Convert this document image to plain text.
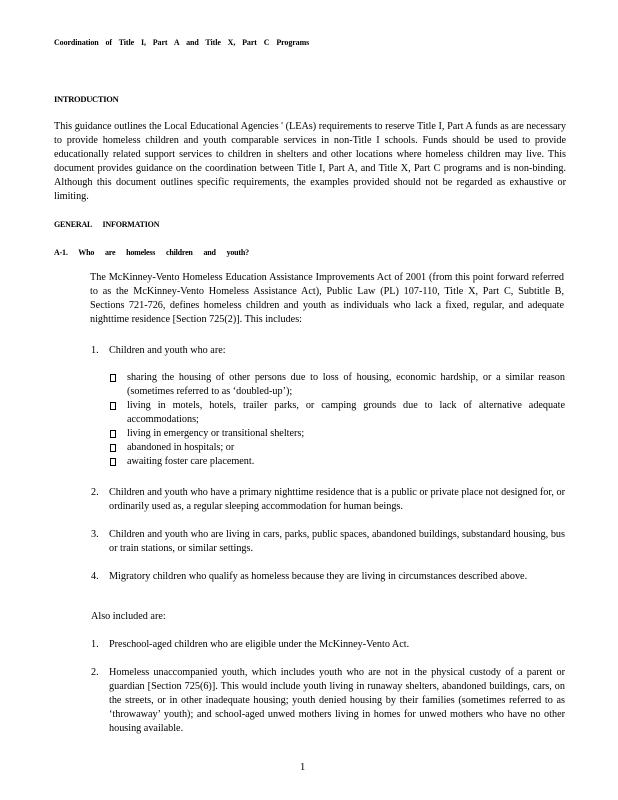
Coordination of Title I, Part A and Title X, Part C Programs
INTRODUCTION

This guidance outlines the Local Educational Agencies ' (LEAs) requirements to reserve Title I, Part A funds as are necessary to provide homeless children and youth comparable services in non-Title I schools. Funds should be used to provide educationally related support services to children in shelters and other locations where homeless children may live. This document provides guidance on the coordination between Title I, Part A, and Title X, Part C programs and is non-binding. Although this document outlines specific requirements, the examples provided should not be regarded as exhaustive or limiting.

GENERAL INFORMATION
A-1. Who are homeless children and youth?

The McKinney-Vento Homeless Education Assistance Improvements Act of 2001 (from this point forward referred to as the McKinney-Vento Homeless Assistance Act), Public Law (PL) 107-110, Title X, Part C, Subtitle B, Sections 721-726, defines homeless children and youth as individuals who lack a fixed, regular, and adequate nighttime residence [Section 725(2)]. This includes:

1.	Children and youth who are:

sharing the housing of other persons due to loss of housing, economic hardship, or a similar reason (sometimes referred to as ‘doubled-up’);
living in motels, hotels, trailer parks, or camping grounds due to lack of alternative adequate accommodations;
living in emergency or transitional shelters;
abandoned in hospitals; or
awaiting foster care placement.
2.	Children and youth who have a primary nighttime residence that is a public or private place not designed for, or ordinarily used as, a regular sleeping accommodation for human beings.

3.	Children and youth who are living in cars, parks, public spaces, abandoned buildings, substandard housing, bus or train stations, or similar settings.

4.	Migratory children who qualify as homeless because they are living in circumstances described above.

Also included are:
1.	Preschool-aged children who are eligible under the McKinney-Vento Act.

2.	Homeless unaccompanied youth, which includes youth who are not in the physical custody of a parent or guardian [Section 725(6)]. This would include youth living in runaway shelters, abandoned buildings, cars, on the streets, or in other inadequate housing; youth denied housing by their families (sometimes referred to as ‘throwaway’ youth); and school-aged unwed mothers living in homes for unwed mothers who have no other housing available.

1
